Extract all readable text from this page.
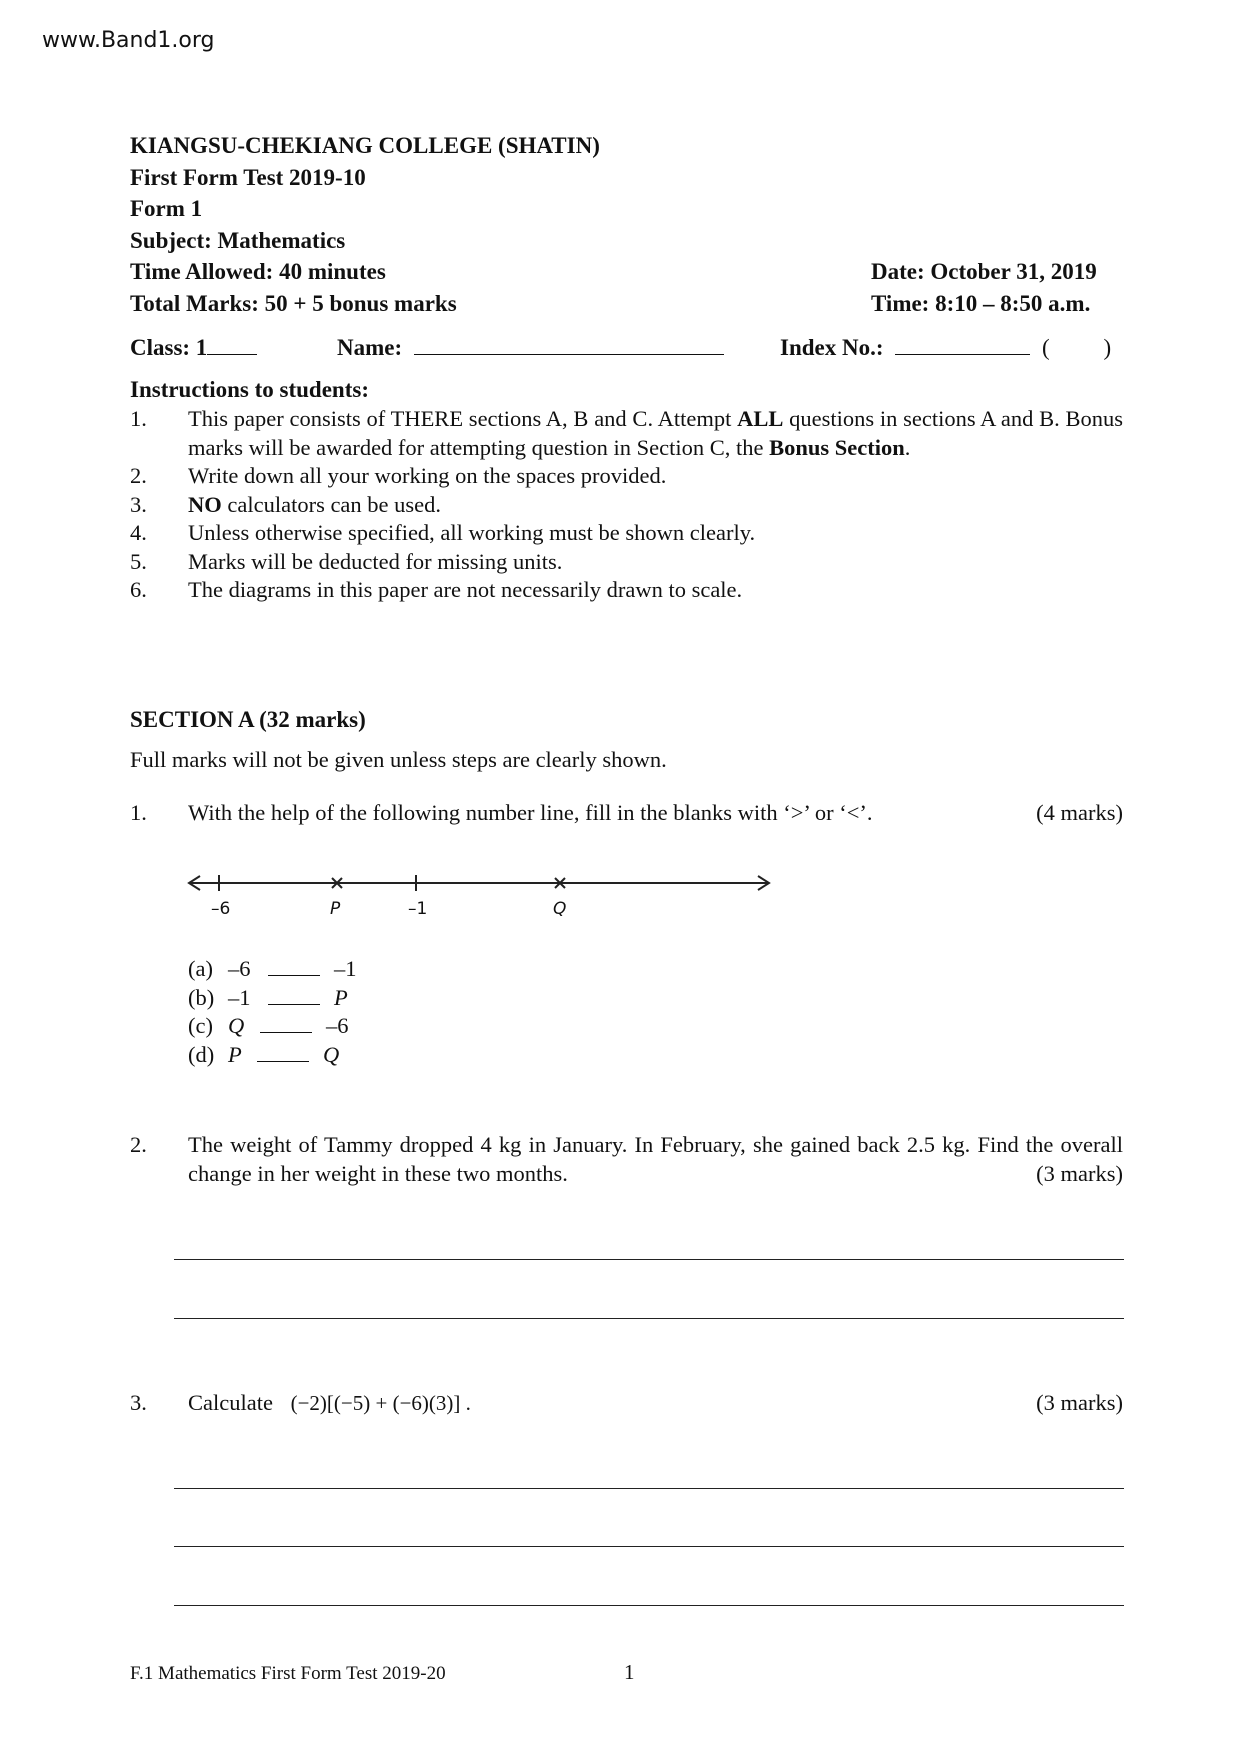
www.Band1.org
KIANGSU-CHEKIANG COLLEGE (SHATIN)
First Form Test 2019-10
Form 1
Subject: Mathematics
Time Allowed: 40 minutes
Total Marks: 50 + 5 bonus marks
Date: October 31, 2019
Time: 8:10 – 8:50 a.m.
Class: 1	Name:	Index No.:	( )
Instructions to students:
1.	This paper consists of THERE sections A, B and C. Attempt ALL questions in sections A and B. Bonus marks will be awarded for attempting question in Section C, the Bonus Section.
2.	Write down all your working on the spaces provided.
3.	NO calculators can be used.
4.	Unless otherwise specified, all working must be shown clearly.
5.	Marks will be deducted for missing units.
6.	The diagrams in this paper are not necessarily drawn to scale.
SECTION A (32 marks)
Full marks will not be given unless steps are clearly shown.
1.	With the help of the following number line, fill in the blanks with ‘>’ or ‘<’.	(4 marks)
–6	P	–1	Q
(a) –6	–1
(b) –1	P
(c) Q	–6
(d) P	Q
2.	The weight of Tammy dropped 4 kg in January. In February, she gained back 2.5 kg. Find the overall change in her weight in these two months.	(3 marks)
3.	Calculate (−2)[(−5) + (−6)(3)] .	(3 marks)
F.1 Mathematics First Form Test 2019-20	1
